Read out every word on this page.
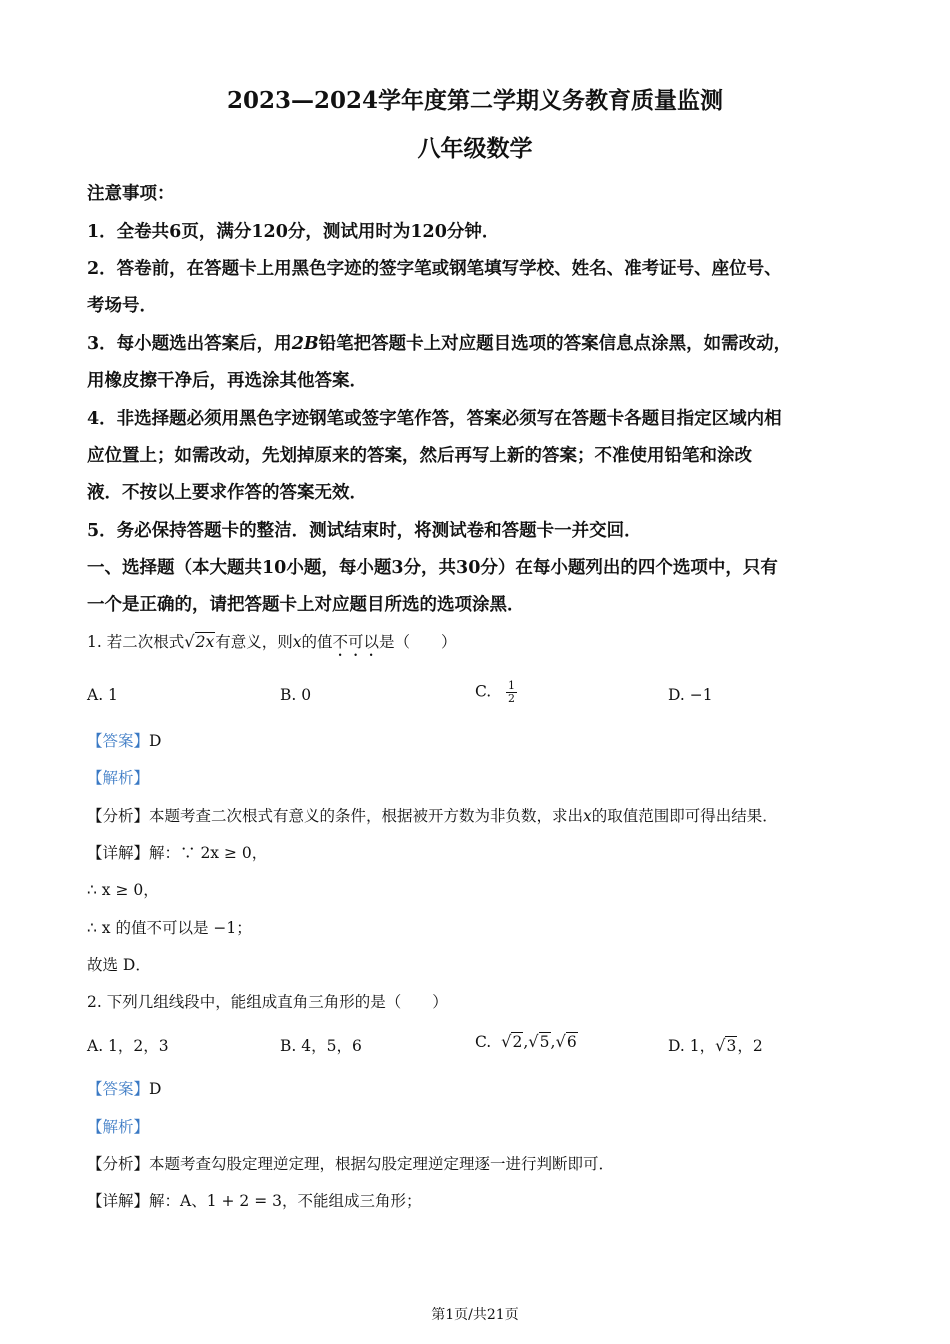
2023—2024学年度第二学期义务教育质量监测
八年级数学
注意事项：
1．全卷共6页，满分120分，测试用时为120分钟．
2．答卷前，在答题卡上用黑色字迹的签字笔或钢笔填写学校、姓名、准考证号、座位号、
考场号．
3．每小题选出答案后，用2B铅笔把答题卡上对应题目选项的答案信息点涂黑，如需改动，
用橡皮擦干净后，再选涂其他答案．
4．非选择题必须用黑色字迹钢笔或签字笔作答，答案必须写在答题卡各题目指定区域内相
应位置上；如需改动，先划掉原来的答案，然后再写上新的答案；不准使用铅笔和涂改
液．不按以上要求作答的答案无效．
5．务必保持答题卡的整洁．测试结束时，将测试卷和答题卡一并交回．
一、选择题（本大题共10小题，每小题3分，共30分）在每小题列出的四个选项中，只有
一个是正确的，请把答题卡上对应题目所选的选项涂黑．
1. 若二次根式√2x有意义，则x的值不可以是（　　）
A. 1	B. 0	C. $\frac{1}{2}$	D. −1
【答案】D
【解析】
【分析】本题考查二次根式有意义的条件，根据被开方数为非负数，求出x的取值范围即可得出结果．
【详解】解：∵ 2x ≥ 0，
∴ x ≥ 0，
∴ x 的值不可以是 −1；
故选 D．
2. 下列几组线段中，能组成直角三角形的是（　　）
A. 1，2，3	B. 4，5，6	C. √2,√5,√6	D. 1，√3，2
【答案】D
【解析】
【分析】本题考查勾股定理逆定理，根据勾股定理逆定理逐一进行判断即可．
【详解】解：A、1 + 2 = 3，不能组成三角形；
第1页/共21页
